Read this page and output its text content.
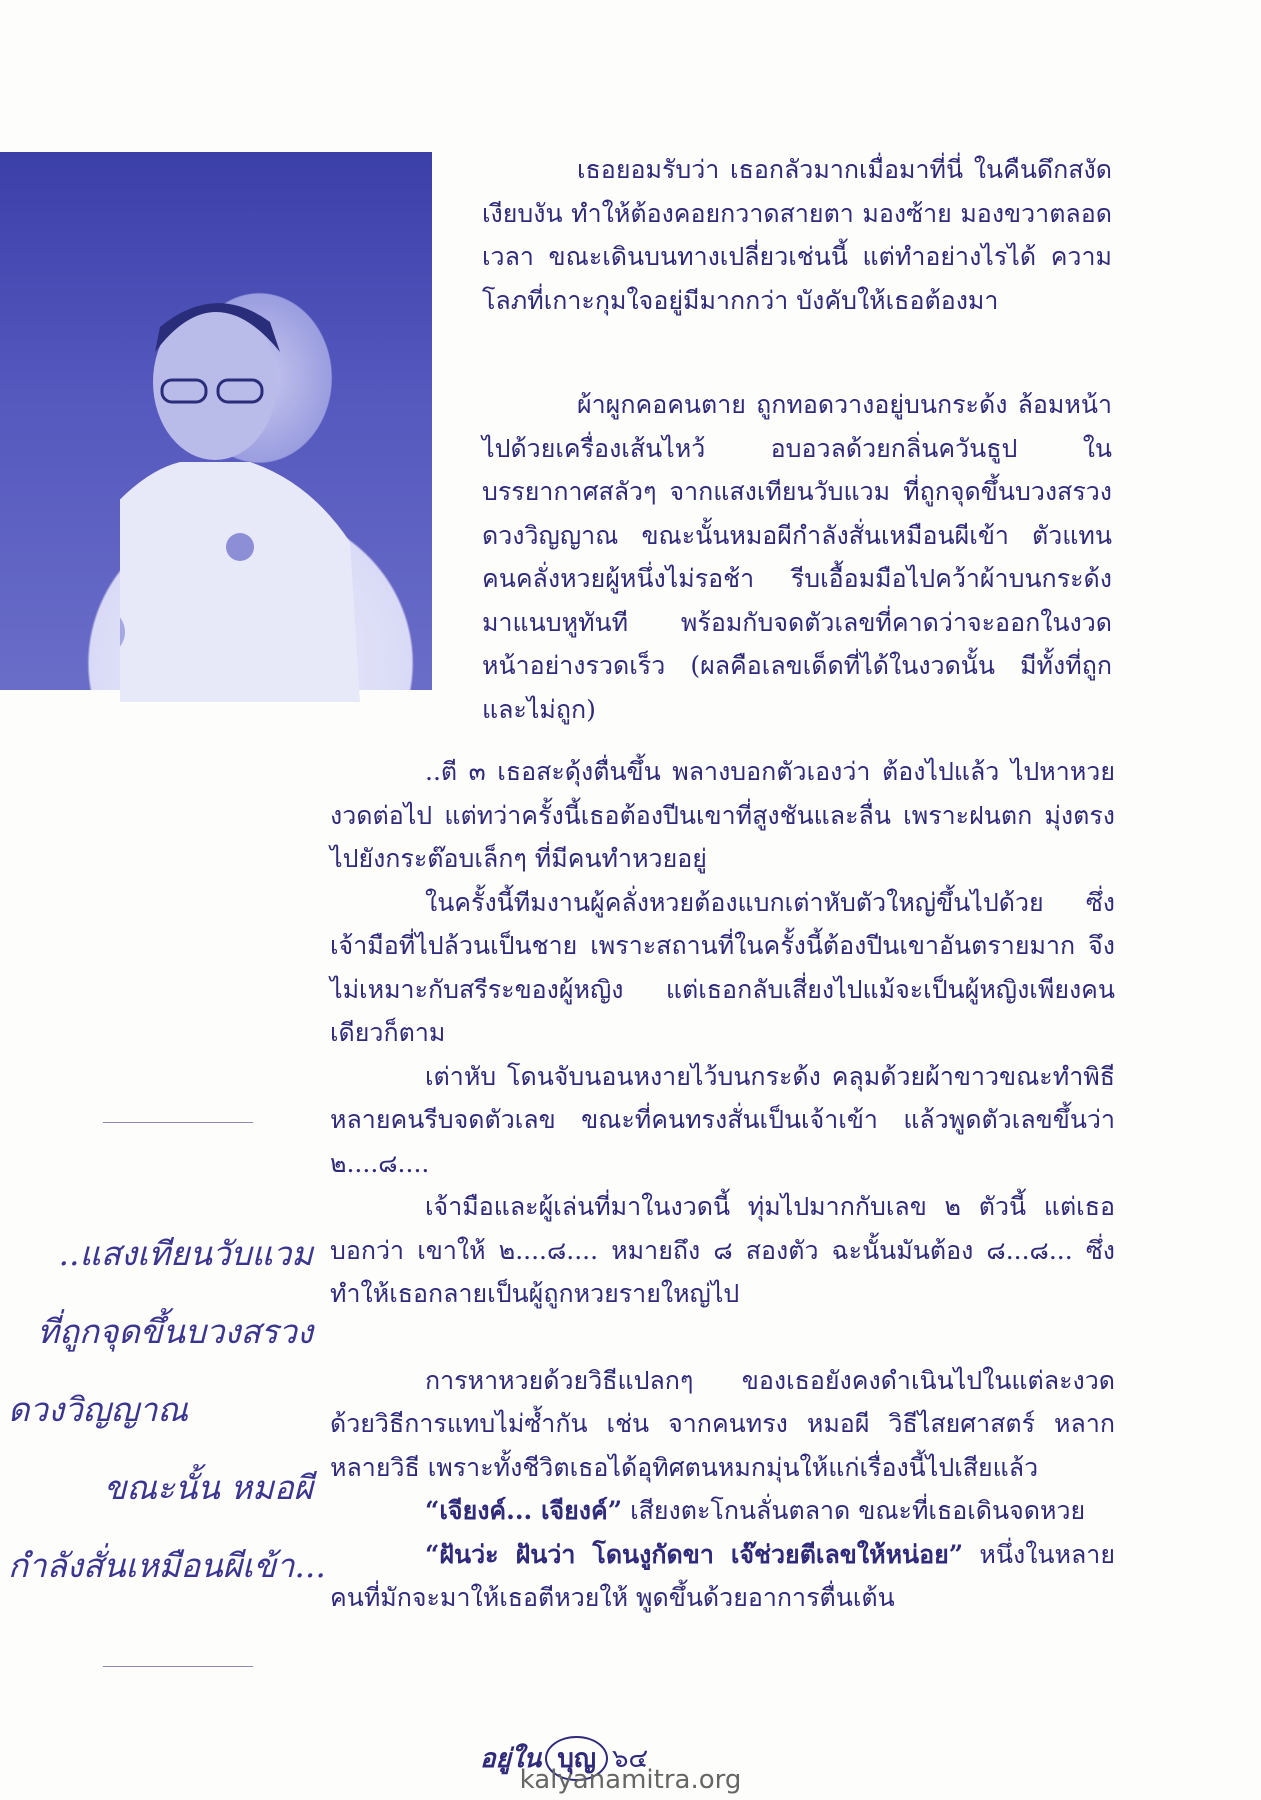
เธอยอมรับว่า เธอกลัวมากเมื่อมาที่นี่ ในคืนดึกสงัด เงียบงัน ทำให้ต้องคอยกวาดสายตา มองซ้าย มองขวาตลอดเวลา ขณะเดินบนทางเปลี่ยวเช่นนี้ แต่ทำอย่างไรได้ ความโลภที่เกาะกุมใจอยู่มีมากกว่า บังคับให้เธอต้องมา

ผ้าผูกคอคนตาย ถูกทอดวางอยู่บนกระด้ง ล้อมหน้าไปด้วยเครื่องเส้นไหว้ อบอวลด้วยกลิ่นควันธูป ในบรรยากาศสลัวๆ จากแสงเทียนวับแวม ที่ถูกจุดขึ้นบวงสรวงดวงวิญญาณ ขณะนั้นหมอผีกำลังสั่นเหมือนผีเข้า ตัวแทนคนคลั่งหวยผู้หนึ่งไม่รอช้า รีบเอื้อมมือไปคว้าผ้าบนกระด้งมาแนบหูทันที พร้อมกับจดตัวเลขที่คาดว่าจะออกในงวดหน้าอย่างรวดเร็ว (ผลคือเลขเด็ดที่ได้ในงวดนั้น มีทั้งที่ถูก และไม่ถูก)

..ตี ๓ เธอสะดุ้งตื่นขึ้น พลางบอกตัวเองว่า ต้องไปแล้ว ไปหาหวยงวดต่อไป แต่ทว่าครั้งนี้เธอต้องปีนเขาที่สูงชันและลื่น เพราะฝนตก มุ่งตรงไปยังกระต๊อบเล็กๆ ที่มีคนทำหวยอยู่

ในครั้งนี้ทีมงานผู้คลั่งหวยต้องแบกเต่าหับตัวใหญ่ขึ้นไปด้วย ซึ่งเจ้ามือที่ไปล้วนเป็นชาย เพราะสถานที่ในครั้งนี้ต้องปีนเขาอันตรายมาก จึงไม่เหมาะกับสรีระของผู้หญิง แต่เธอกลับเสี่ยงไปแม้จะเป็นผู้หญิงเพียงคนเดียวก็ตาม

เต่าหับ โดนจับนอนหงายไว้บนกระด้ง คลุมด้วยผ้าขาวขณะทำพิธี หลายคนรีบจดตัวเลข ขณะที่คนทรงสั่นเป็นเจ้าเข้า แล้วพูดตัวเลขขึ้นว่า ๒....๘....

เจ้ามือและผู้เล่นที่มาในงวดนี้ ทุ่มไปมากกับเลข ๒ ตัวนี้ แต่เธอบอกว่า เขาให้ ๒....๘.... หมายถึง ๘ สองตัว ฉะนั้นมันต้อง ๘...๘... ซึ่งทำให้เธอกลายเป็นผู้ถูกหวยรายใหญ่ไป

การหาหวยด้วยวิธีแปลกๆ ของเธอยังคงดำเนินไปในแต่ละงวด ด้วยวิธีการแทบไม่ซ้ำกัน เช่น จากคนทรง หมอผี วิธีไสยศาสตร์ หลากหลายวิธี เพราะทั้งชีวิตเธอได้อุทิศตนหมกมุ่นให้แก่เรื่องนี้ไปเสียแล้ว

“เจียงค์... เจียงค์” เสียงตะโกนลั่นตลาด ขณะที่เธอเดินจดหวย

“ฝันว่ะ ฝันว่า โดนงูกัดขา เจ๊ช่วยตีเลขให้หน่อย” หนึ่งในหลายคนที่มักจะมาให้เธอตีหวยให้ พูดขึ้นด้วยอาการตื่นเต้น

..แสงเทียนวับแวม
ที่ถูกจุดขึ้นบวงสรวง
ดวงวิญญาณ
ขณะนั้น หมอผี
กำลังสั่นเหมือนผีเข้า...
อยู่ใน บุญ ๖๔
kalyanamitra.org
